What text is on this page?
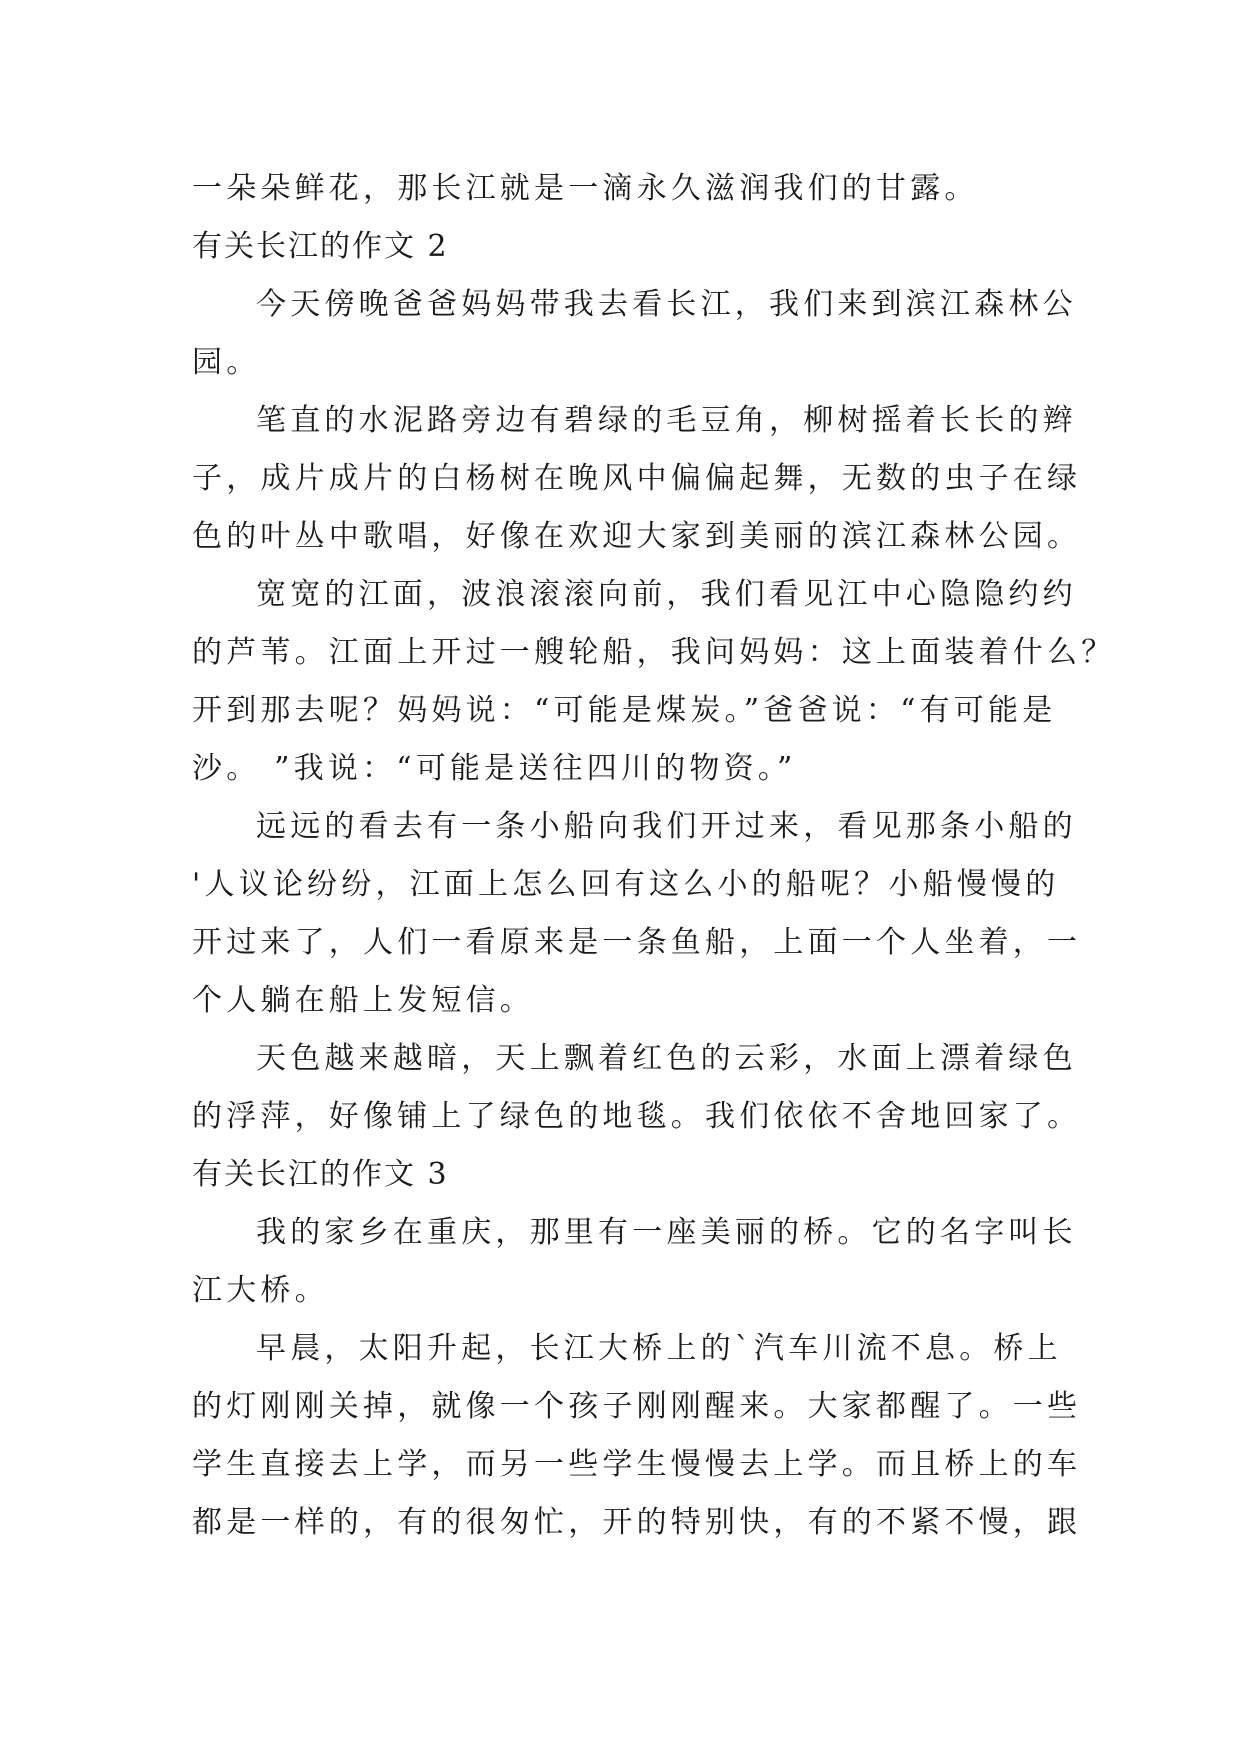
一朵朵鲜花，那长江就是一滴永久滋润我们的甘露。
有关长江的作文 2
今天傍晚爸爸妈妈带我去看长江，我们来到滨江森林公
园。
笔直的水泥路旁边有碧绿的毛豆角，柳树摇着长长的辫
子，成片成片的白杨树在晚风中偏偏起舞，无数的虫子在绿
色的叶丛中歌唱，好像在欢迎大家到美丽的滨江森林公园。
宽宽的江面，波浪滚滚向前，我们看见江中心隐隐约约
的芦苇。江面上开过一艘轮船，我问妈妈：这上面装着什么？
开到那去呢？妈妈说：“可能是煤炭。”爸爸说：“有可能是
沙。 ”我说：“可能是送往四川的物资。”
远远的看去有一条小船向我们开过来，看见那条小船的
'人议论纷纷，江面上怎么回有这么小的船呢？小船慢慢的
开过来了，人们一看原来是一条鱼船，上面一个人坐着，一
个人躺在船上发短信。
天色越来越暗，天上飘着红色的云彩，水面上漂着绿色
的浮萍，好像铺上了绿色的地毯。我们依依不舍地回家了。
有关长江的作文 3
我的家乡在重庆，那里有一座美丽的桥。它的名字叫长
江大桥。
早晨，太阳升起，长江大桥上的`汽车川流不息。桥上
的灯刚刚关掉，就像一个孩子刚刚醒来。大家都醒了。一些
学生直接去上学，而另一些学生慢慢去上学。而且桥上的车
都是一样的，有的很匆忙，开的特别快，有的不紧不慢，跟
